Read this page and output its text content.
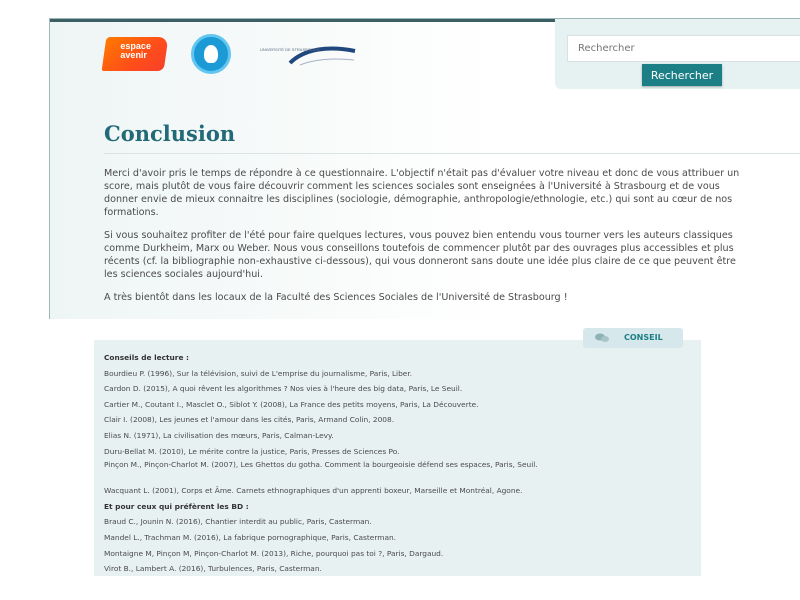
espace avenir
UNIVERSITÉ DE STRASBOURG
Rechercher
Rechercher
Conclusion

Merci d'avoir pris le temps de répondre à ce questionnaire. L'objectif n'était pas d'évaluer votre niveau et donc de vous attribuer un score, mais plutôt de vous faire découvrir comment les sciences sociales sont enseignées à l'Université à Strasbourg et de vous donner envie de mieux connaitre les disciplines (sociologie, démographie, anthropologie/ethnologie, etc.) qui sont au cœur de nos formations.

Si vous souhaitez profiter de l'été pour faire quelques lectures, vous pouvez bien entendu vous tourner vers les auteurs classiques comme Durkheim, Marx ou Weber. Nous vous conseillons toutefois de commencer plutôt par des ouvrages plus accessibles et plus récents (cf. la bibliographie non-exhaustive ci-dessous), qui vous donneront sans doute une idée plus claire de ce que peuvent être les sciences sociales aujourd'hui.

A très bientôt dans les locaux de la Faculté des Sciences Sociales de l'Université de Strasbourg !

CONSEIL
Conseils de lecture :
Bourdieu P. (1996), Sur la télévision, suivi de L'emprise du journalisme, Paris, Liber.
Cardon D. (2015), A quoi rêvent les algorithmes ? Nos vies à l'heure des big data, Paris, Le Seuil.
Cartier M., Coutant I., Masclet O., Siblot Y. (2008), La France des petits moyens, Paris, La Découverte.
Clair I. (2008), Les jeunes et l'amour dans les cités, Paris, Armand Colin, 2008.
Elias N. (1971), La civilisation des mœurs, Paris, Calman-Levy.
Duru-Bellat M. (2010), Le mérite contre la justice, Paris, Presses de Sciences Po.
Pinçon M., Pinçon-Charlot M. (2007), Les Ghettos du gotha. Comment la bourgeoisie défend ses espaces, Paris, Seuil.
Wacquant L. (2001), Corps et Âme. Carnets ethnographiques d'un apprenti boxeur, Marseille et Montréal, Agone.
Et pour ceux qui préfèrent les BD :
Braud C., Jounin N. (2016), Chantier interdit au public, Paris, Casterman.
Mandel L., Trachman M. (2016), La fabrique pornographique, Paris, Casterman.
Montaigne M, Pinçon M, Pinçon-Charlot M. (2013), Riche, pourquoi pas toi ?, Paris, Dargaud.
Virot B., Lambert A. (2016), Turbulences, Paris, Casterman.
